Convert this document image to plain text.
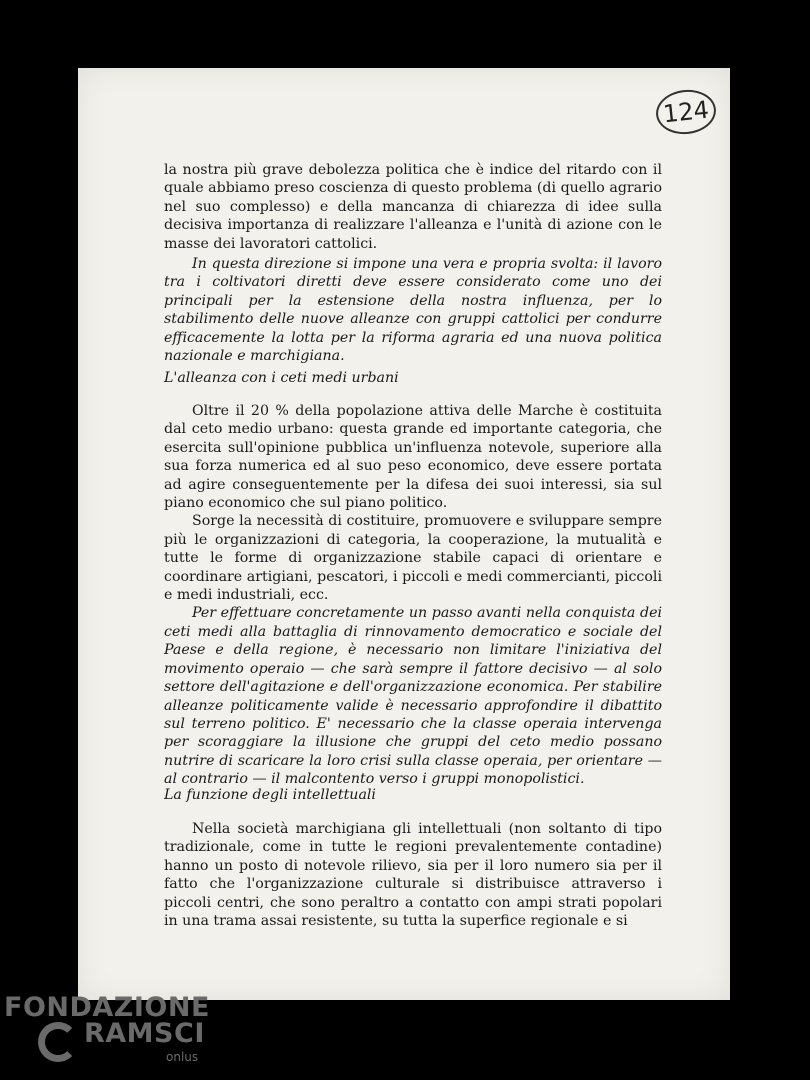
124

la nostra più grave debolezza politica che è indice del ritardo con il quale abbiamo preso coscienza di questo problema (di quello agrario nel suo complesso) e della mancanza di chiarezza di idee sulla decisiva importanza di realizzare l'alleanza e l'unità di azione con le masse dei lavoratori cattolici.

In questa direzione si impone una vera e propria svolta: il lavoro tra i coltivatori diretti deve essere considerato come uno dei principali per la estensione della nostra influenza, per lo stabilimento delle nuove alleanze con gruppi cattolici per condurre efficacemente la lotta per la riforma agraria ed una nuova politica nazionale e marchigiana.

L'alleanza con i ceti medi urbani

Oltre il 20 % della popolazione attiva delle Marche è costituita dal ceto medio urbano: questa grande ed importante categoria, che esercita sull'opinione pubblica un'influenza notevole, superiore alla sua forza numerica ed al suo peso economico, deve essere portata ad agire conseguentemente per la difesa dei suoi interessi, sia sul piano economico che sul piano politico.

Sorge la necessità di costituire, promuovere e sviluppare sempre più le organizzazioni di categoria, la cooperazione, la mutualità e tutte le forme di organizzazione stabile capaci di orientare e coordinare artigiani, pescatori, i piccoli e medi commercianti, piccoli e medi industriali, ecc.

Per effettuare concretamente un passo avanti nella conquista dei ceti medi alla battaglia di rinnovamento democratico e sociale del Paese e della regione, è necessario non limitare l'iniziativa del movimento operaio — che sarà sempre il fattore decisivo — al solo settore dell'agitazione e dell'organizzazione economica. Per stabilire alleanze politicamente valide è necessario approfondire il dibattito sul terreno politico. E' necessario che la classe operaia intervenga per scoraggiare la illusione che gruppi del ceto medio possano nutrire di scaricare la loro crisi sulla classe operaia, per orientare — al contrario — il malcontento verso i gruppi monopolistici.

La funzione degli intellettuali

Nella società marchigiana gli intellettuali (non soltanto di tipo tradizionale, come in tutte le regioni prevalentemente contadine) hanno un posto di notevole rilievo, sia per il loro numero sia per il fatto che l'organizzazione culturale si distribuisce attraverso i piccoli centri, che sono peraltro a contatto con ampi strati popolari in una trama assai resistente, su tutta la superfice regionale e si

FONDAZIONE
RAMSCI
onlus
